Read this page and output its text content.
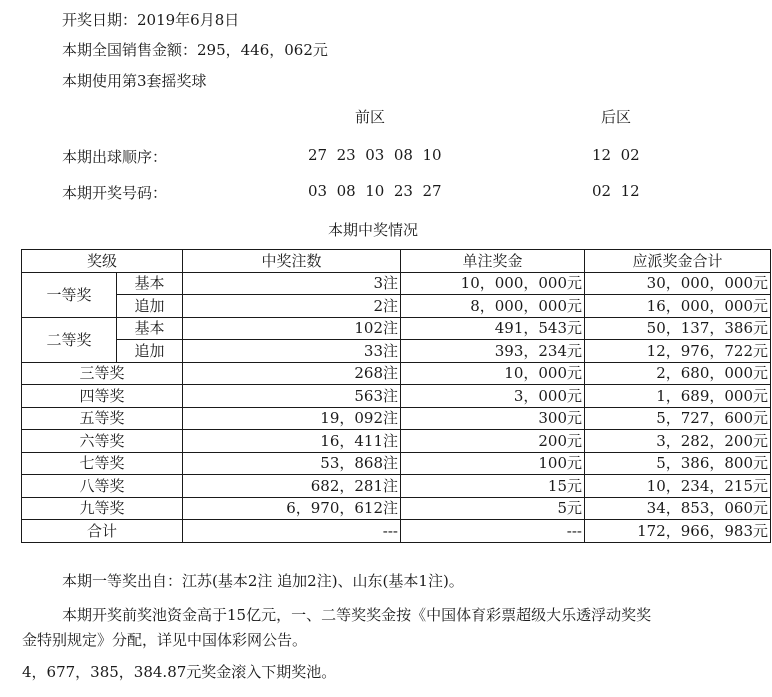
开奖日期：2019年6月8日
本期全国销售金额：295，446，062元
本期使用第3套摇奖球
前区	后区
本期出球顺序：	27  23  03  08  10	12  02
本期开奖号码：	03  08  10  23  27	02  12
本期中奖情况
奖级		中奖注数	单注奖金	应派奖金合计
一等奖	基本	3注	10，000，000元	30，000，000元
	追加	2注	8，000，000元	16，000，000元
二等奖	基本	102注	491，543元	50，137，386元
	追加	33注	393，234元	12，976，722元
三等奖		268注	10，000元	2，680，000元
四等奖		563注	3，000元	1，689，000元
五等奖		19，092注	300元	5，727，600元
六等奖		16，411注	200元	3，282，200元
七等奖		53，868注	100元	5，386，800元
八等奖		682，281注	15元	10，234，215元
九等奖		6，970，612注	5元	34，853，060元
合计		---	---	172，966，983元
本期一等奖出自：江苏(基本2注 追加2注)、山东(基本1注)。
本期开奖前奖池资金高于15亿元，一、二等奖奖金按《中国体育彩票超级大乐透浮动奖奖
金特别规定》分配，详见中国体彩网公告。
4，677，385，384.87元奖金滚入下期奖池。
